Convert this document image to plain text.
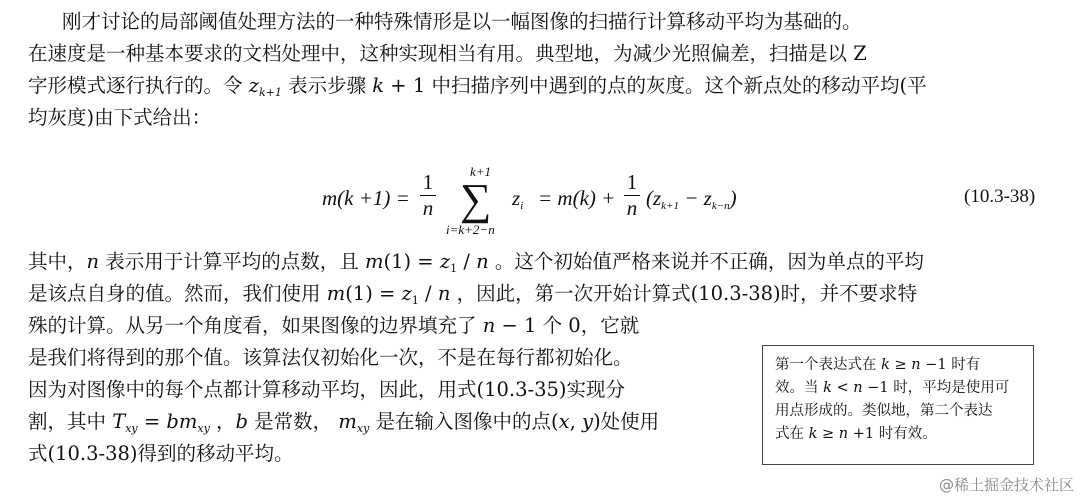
刚才讨论的局部阈值处理方法的一种特殊情形是以一幅图像的扫描行计算移动平均为基础的。
在速度是一种基本要求的文档处理中，这种实现相当有用。典型地，为减少光照偏差，扫描是以 Z
字形模式逐行执行的。令 $z_{k+1}$ 表示步骤 k + 1 中扫描序列中遇到的点的灰度。这个新点处的移动平均(平
均灰度)由下式给出：
m(k +1) =
1
n
k+1
∑
i=k+2−n
$z_i = m(k)$ +
1
n $(z_{k+1} - z_{k-n})$	(10.3-38)
其中，n 表示用于计算平均的点数，且 $m(1) = z_1 / n$ 。这个初始值严格来说并不正确，因为单点的平均
是该点自身的值。然而，我们使用 $m(1) = z_1 / n$ ，因此，第一次开始计算式(10.3-38)时，并不要求特
殊的计算。从另一个角度看，如果图像的边界填充了 n − 1 个 0，它就
是我们将得到的那个值。该算法仅初始化一次，不是在每行都初始化。
因为对图像中的每个点都计算移动平均，因此，用式(10.3-35)实现分
割，其中 $T_{xy} = bm_{xy}$ ，b 是常数， $m_{xy}$ 是在输入图像中的点(x, y)处使用
式(10.3-38)得到的移动平均。
第一个表达式在 k ≥ n −1 时有
效。当 k < n −1 时，平均是使用可
用点形成的。类似地，第二个表达
式在 k ≥ n +1 时有效。
@稀土掘金技术社区
